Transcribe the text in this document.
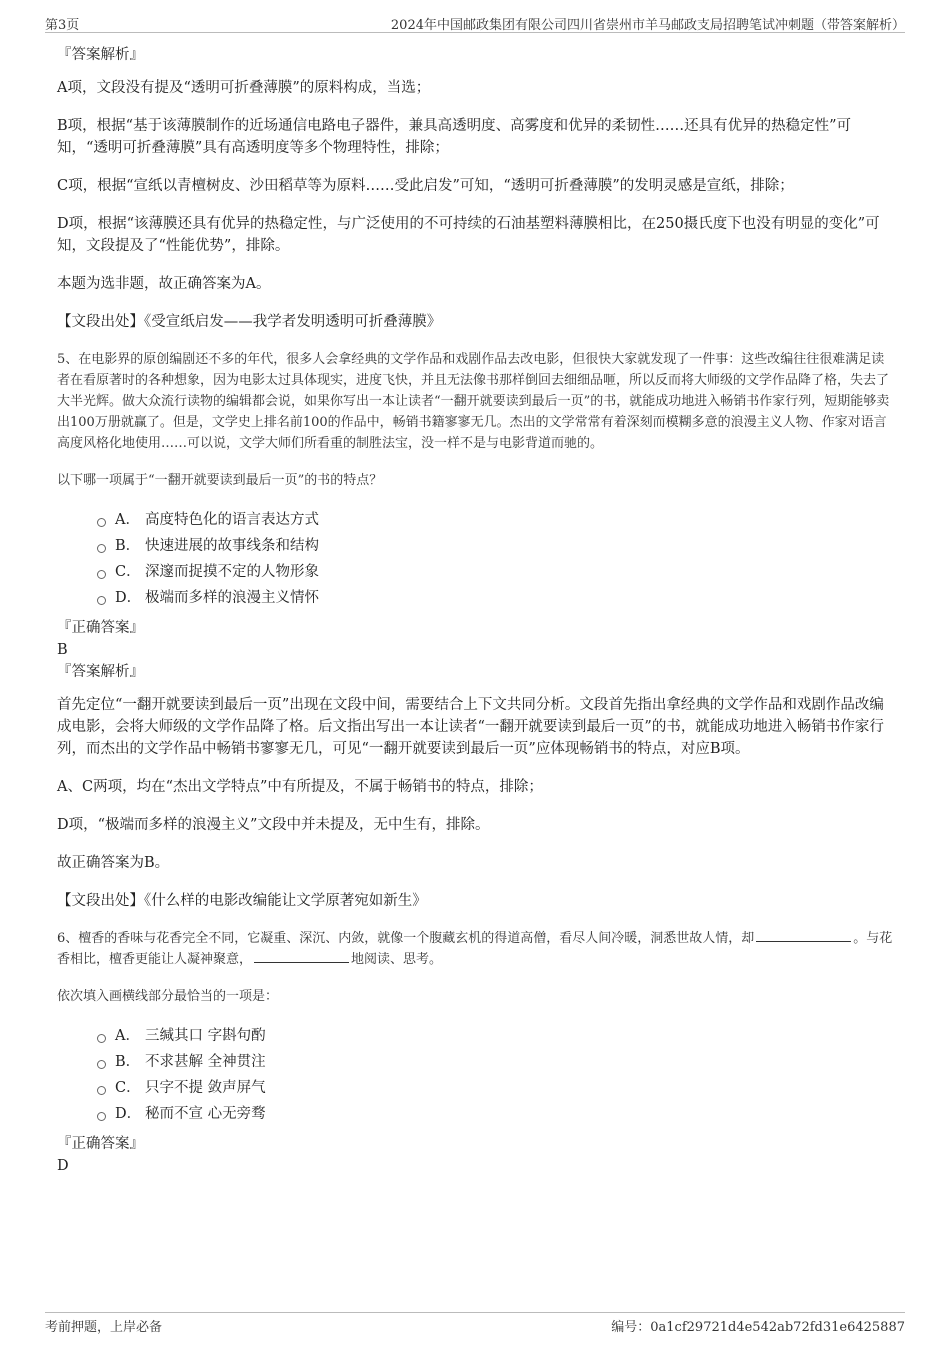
第3页	2024年中国邮政集团有限公司四川省崇州市羊马邮政支局招聘笔试冲刺题（带答案解析）

『答案解析』

A项，文段没有提及“透明可折叠薄膜”的原料构成，当选；

B项，根据“基于该薄膜制作的近场通信电路电子器件，兼具高透明度、高雾度和优异的柔韧性……还具有优异的热稳定性”可知，“透明可折叠薄膜”具有高透明度等多个物理特性，排除；

C项，根据“宣纸以青檀树皮、沙田稻草等为原料……受此启发”可知，“透明可折叠薄膜”的发明灵感是宣纸，排除；

D项，根据“该薄膜还具有优异的热稳定性，与广泛使用的不可持续的石油基塑料薄膜相比，在250摄氏度下也没有明显的变化”可知，文段提及了“性能优势”，排除。

本题为选非题，故正确答案为A。

【文段出处】《受宣纸启发——我学者发明透明可折叠薄膜》

5、在电影界的原创编剧还不多的年代，很多人会拿经典的文学作品和戏剧作品去改电影，但很快大家就发现了一件事：这些改编往往很难满足读者在看原著时的各种想象，因为电影太过具体现实，进度飞快，并且无法像书那样倒回去细细品咂，所以反而将大师级的文学作品降了格，失去了大半光辉。做大众流行读物的编辑都会说，如果你写出一本让读者“一翻开就要读到最后一页”的书，就能成功地进入畅销书作家行列，短期能够卖出100万册就赢了。但是，文学史上排名前100的作品中，畅销书籍寥寥无几。杰出的文学常常有着深刻而模糊多意的浪漫主义人物、作家对语言高度风格化地使用……可以说，文学大师们所看重的制胜法宝，没一样不是与电影背道而驰的。

以下哪一项属于“一翻开就要读到最后一页”的书的特点？

A． 高度特色化的语言表达方式
B． 快速进展的故事线条和结构
C． 深邃而捉摸不定的人物形象
D． 极端而多样的浪漫主义情怀

『正确答案』

B

『答案解析』

首先定位“一翻开就要读到最后一页”出现在文段中间，需要结合上下文共同分析。文段首先指出拿经典的文学作品和戏剧作品改编成电影，会将大师级的文学作品降了格。后文指出写出一本让读者“一翻开就要读到最后一页”的书，就能成功地进入畅销书作家行列，而杰出的文学作品中畅销书寥寥无几，可见“一翻开就要读到最后一页”应体现畅销书的特点，对应B项。

A、C两项，均在“杰出文学特点”中有所提及，不属于畅销书的特点，排除；

D项，“极端而多样的浪漫主义”文段中并未提及，无中生有，排除。

故正确答案为B。

【文段出处】《什么样的电影改编能让文学原著宛如新生》

6、檀香的香味与花香完全不同，它凝重、深沉、内敛，就像一个腹藏玄机的得道高僧，看尽人间冷暖，洞悉世故人情，却	。与花香相比，檀香更能让人凝神聚意，	地阅读、思考。

依次填入画横线部分最恰当的一项是：

A． 三缄其口 字斟句酌
B． 不求甚解 全神贯注
C． 只字不提 敛声屏气
D． 秘而不宣 心无旁骛

『正确答案』

D

考前押题，上岸必备	编号：0a1cf29721d4e542ab72fd31e6425887
